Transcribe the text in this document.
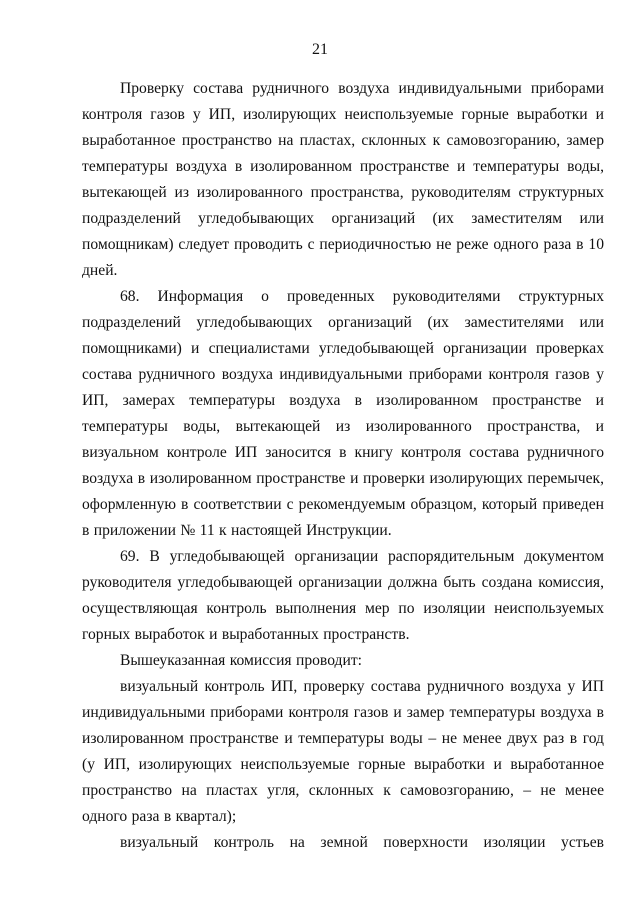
21

Проверку состава рудничного воздуха индивидуальными приборами контроля газов у ИП, изолирующих неиспользуемые горные выработки и выработанное пространство на пластах, склонных к самовозгоранию, замер температуры воздуха в изолированном пространстве и температуры воды, вытекающей из изолированного пространства, руководителям структурных подразделений угледобывающих организаций (их заместителям или помощникам) следует проводить с периодичностью не реже одного раза в 10 дней.

68. Информация о проведенных руководителями структурных подразделений угледобывающих организаций (их заместителями или помощниками) и специалистами угледобывающей организации проверках состава рудничного воздуха индивидуальными приборами контроля газов у ИП, замерах температуры воздуха в изолированном пространстве и температуры воды, вытекающей из изолированного пространства, и визуальном контроле ИП заносится в книгу контроля состава рудничного воздуха в изолированном пространстве и проверки изолирующих перемычек, оформленную в соответствии с рекомендуемым образцом, который приведен в приложении № 11 к настоящей Инструкции.

69. В угледобывающей организации распорядительным документом руководителя угледобывающей организации должна быть создана комиссия, осуществляющая контроль выполнения мер по изоляции неиспользуемых горных выработок и выработанных пространств.

Вышеуказанная комиссия проводит:

визуальный контроль ИП, проверку состава рудничного воздуха у ИП индивидуальными приборами контроля газов и замер температуры воздуха в изолированном пространстве и температуры воды – не менее двух раз в год (у ИП, изолирующих неиспользуемые горные выработки и выработанное пространство на пластах угля, склонных к самовозгоранию, – не менее одного раза в квартал);

визуальный контроль на земной поверхности изоляции устьев
